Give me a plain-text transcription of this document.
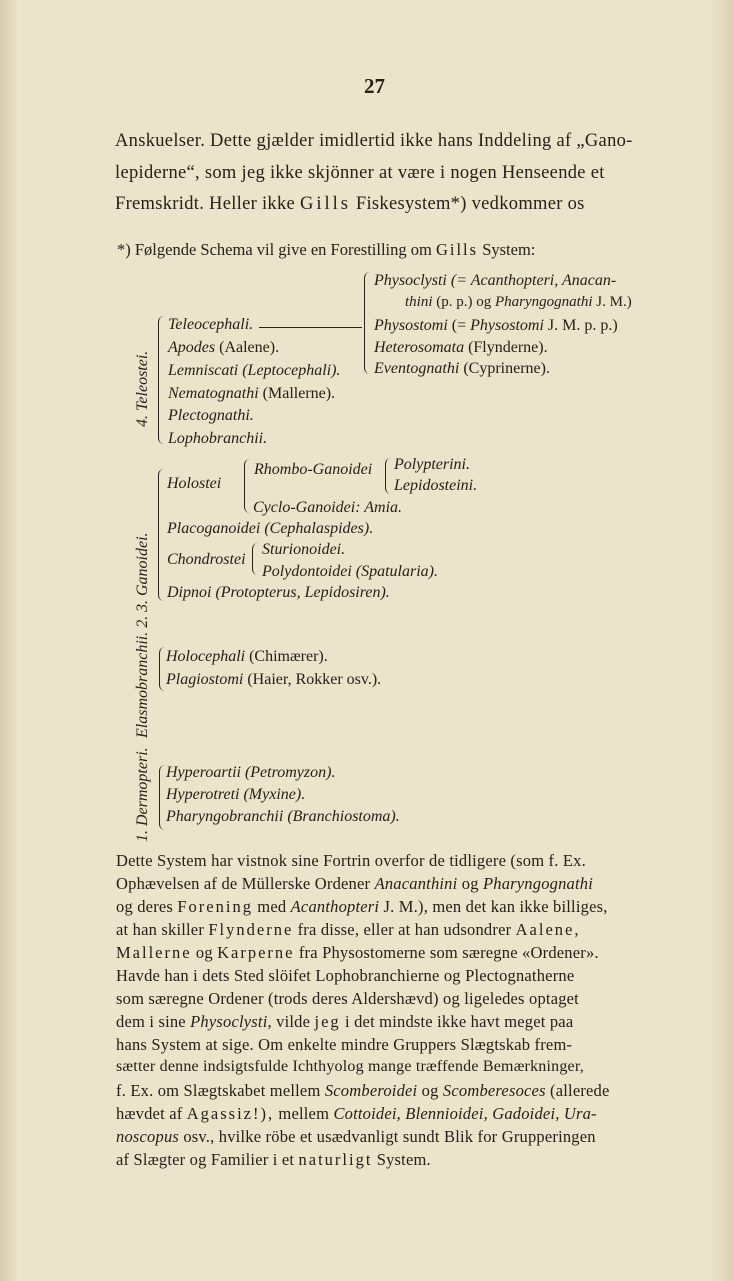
27
Anskuelser. Dette gjælder imidlertid ikke hans Inddeling af „Gano-
lepiderne“, som jeg ikke skjönner at være i nogen Henseende et
Fremskridt. Heller ikke Gills Fiskesystem*) vedkommer os
*) Følgende Schema vil give en Forestilling om Gills System:
4. Teleostei.
3. Ganoidei.
Elasmobranchii. 2.
1. Dermopteri.
Teleocephali.
Apodes (Aalene).
Lemniscati (Leptocephali).
Nematognathi (Mallerne).
Plectognathi.
Lophobranchii.
Physoclysti (= Acanthopteri, Anacan-
thini (p. p.) og Pharyngognathi J. M.)
Physostomi (= Physostomi J. M. p. p.)
Heterosomata (Flynderne).
Eventognathi (Cyprinerne).
Holostei
Rhombo-Ganoidei Polypterini.
Lepidosteini.
Cyclo-Ganoidei: Amia.
Placoganoidei (Cephalaspides).
Chondrostei
Sturionoidei.
Polydontoidei (Spatularia).
Dipnoi (Protopterus, Lepidosiren).
Holocephali (Chimærer).
Plagiostomi (Haier, Rokker osv.).
Hyperoartii (Petromyzon).
Hyperotreti (Myxine).
Pharyngobranchii (Branchiostoma).
Dette System har vistnok sine Fortrin overfor de tidligere (som f. Ex.
Ophævelsen af de Müllerske Ordener Anacanthini og Pharyngognathi
og deres Forening med Acanthopteri J. M.), men det kan ikke billiges,
at han skiller Flynderne fra disse, eller at han udsondrer Aalene,
Mallerne og Karperne fra Physostomerne som særegne «Ordener».
Havde han i dets Sted slöifet Lophobranchierne og Plectognatherne
som særegne Ordener (trods deres Aldershævd) og ligeledes optaget
dem i sine Physoclysti, vilde jeg i det mindste ikke havt meget paa
hans System at sige. Om enkelte mindre Gruppers Slægtskab frem-
sætter denne indsigtsfulde Ichthyolog mange træffende Bemærkninger,
f. Ex. om Slægtskabet mellem Scomberoidei og Scomberesoces (allerede
hævdet af Agassiz!), mellem Cottoidei, Blennioidei, Gadoidei, Ura-
noscopus osv., hvilke röbe et usædvanligt sundt Blik for Grupperingen
af Slægter og Familier i et naturligt System.
